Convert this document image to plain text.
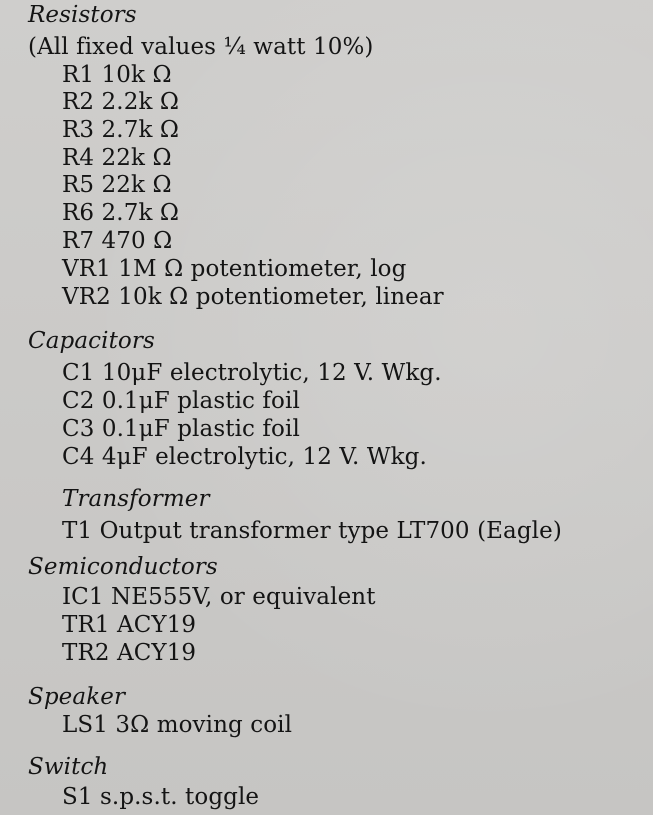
Resistors
(All fixed values ¼ watt 10%)
R1 10k Ω
R2 2.2k Ω
R3 2.7k Ω
R4 22k Ω
R5 22k Ω
R6 2.7k Ω
R7 470 Ω
VR1 1M Ω potentiometer, log
VR2 10k Ω potentiometer, linear
Capacitors
C1 10μF electrolytic, 12 V. Wkg.
C2 0.1μF plastic foil
C3 0.1μF plastic foil
C4 4μF electrolytic, 12 V. Wkg.
Transformer
T1 Output transformer type LT700 (Eagle)
Semiconductors
IC1 NE555V, or equivalent
TR1 ACY19
TR2 ACY19
Speaker
LS1 3Ω moving coil
Switch
S1 s.p.s.t. toggle
